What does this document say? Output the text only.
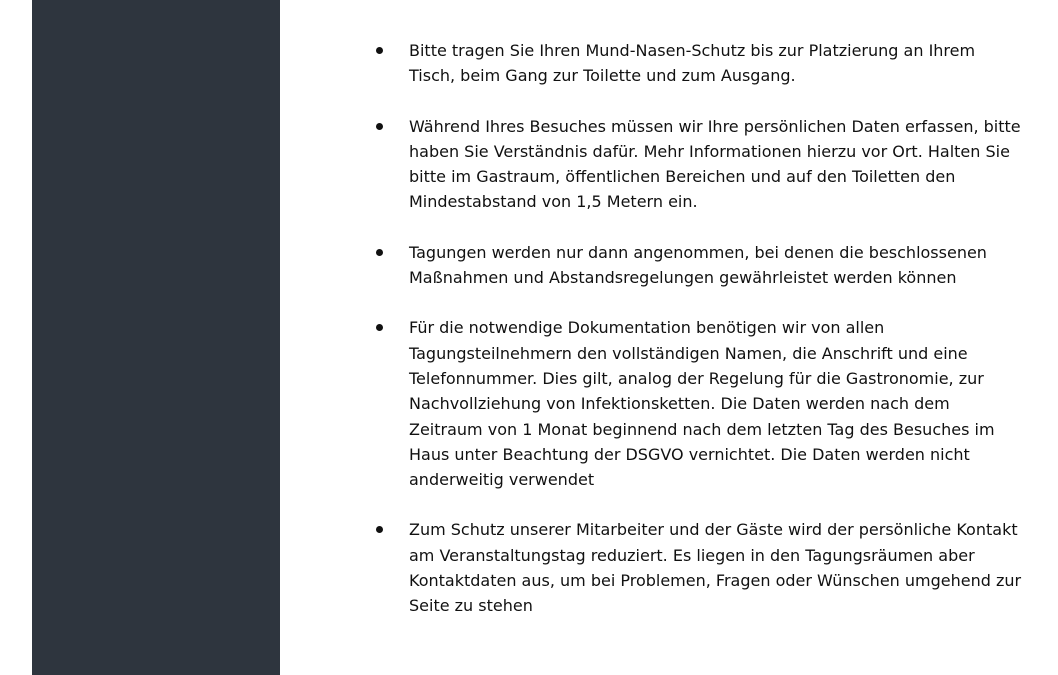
Bitte tragen Sie Ihren Mund-Nasen-Schutz bis zur Platzierung an Ihrem Tisch, beim Gang zur Toilette und zum Ausgang.
Während Ihres Besuches müssen wir Ihre persönlichen Daten erfassen, bitte haben Sie Verständnis dafür. Mehr Informationen hierzu vor Ort. Halten Sie bitte im Gastraum, öffentlichen Bereichen und auf den Toiletten den Mindestabstand von 1,5 Metern ein.
Tagungen werden nur dann angenommen, bei denen die beschlossenen Maßnahmen und Abstandsregelungen gewährleistet werden können
Für die notwendige Dokumentation benötigen wir von allen Tagungsteilnehmern den vollständigen Namen, die Anschrift und eine Telefonnummer. Dies gilt, analog der Regelung für die Gastronomie, zur Nachvollziehung von Infektionsketten. Die Daten werden nach dem Zeitraum von 1 Monat beginnend nach dem letzten Tag des Besuches im Haus unter Beachtung der DSGVO vernichtet. Die Daten werden nicht anderweitig verwendet
Zum Schutz unserer Mitarbeiter und der Gäste wird der persönliche Kontakt am Veranstaltungstag reduziert. Es liegen in den Tagungsräumen aber Kontaktdaten aus, um bei Problemen, Fragen oder Wünschen umgehend zur Seite zu stehen
